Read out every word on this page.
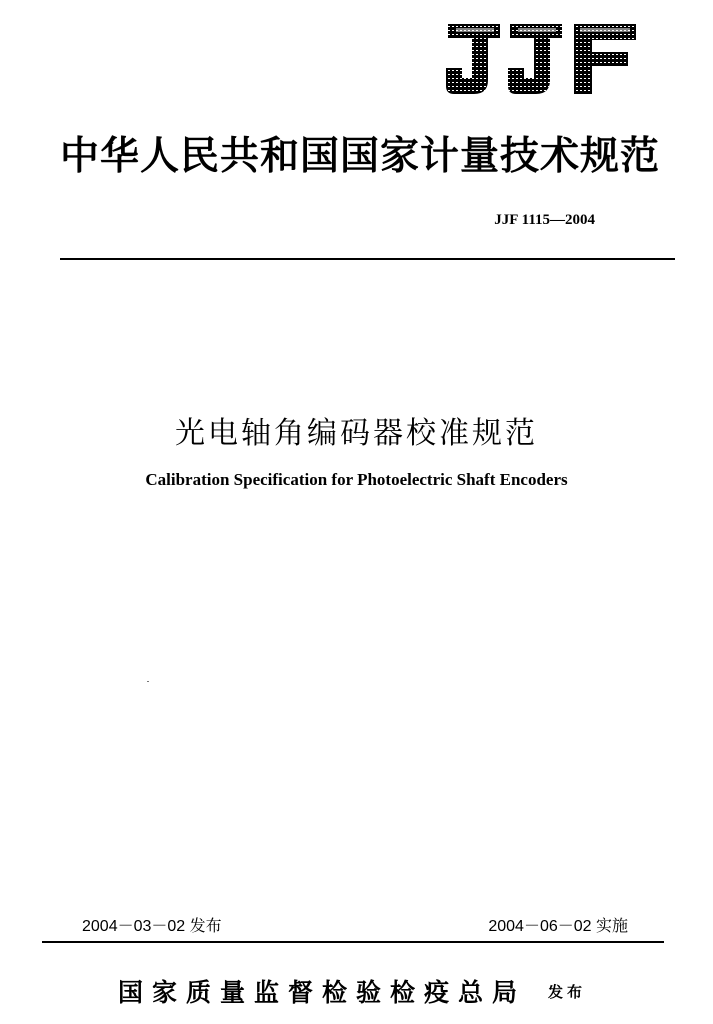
中华人民共和国国家计量技术规范
JJF 1115—2004
光电轴角编码器校准规范
Calibration Specification for Photoelectric Shaft Encoders
2004－03－02 发布	2004－06－02 实施
国家质量监督检验检疫总局 发布
